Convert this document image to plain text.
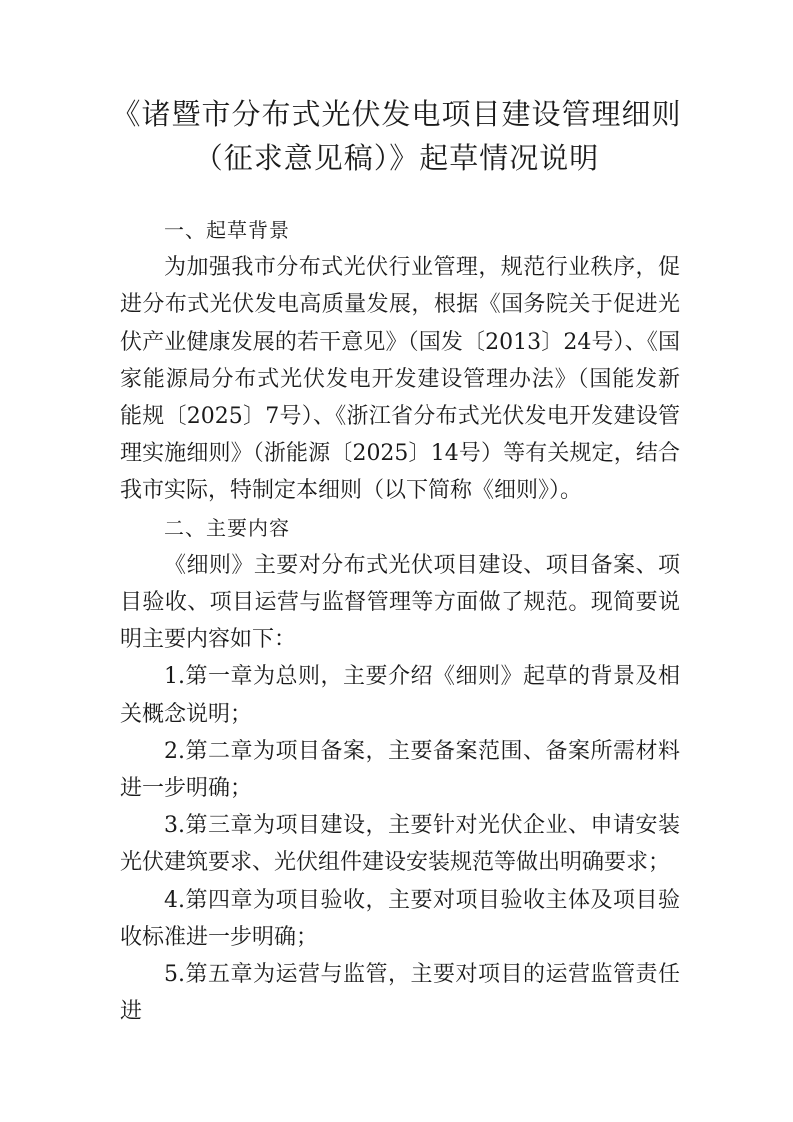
《诸暨市分布式光伏发电项目建设管理细则（征求意见稿）》起草情况说明

一、起草背景

为加强我市分布式光伏行业管理，规范行业秩序，促进分布式光伏发电高质量发展，根据《国务院关于促进光伏产业健康发展的若干意见》（国发〔2013〕24号）、《国家能源局分布式光伏发电开发建设管理办法》（国能发新能规〔2025〕7号）、《浙江省分布式光伏发电开发建设管理实施细则》（浙能源〔2025〕14号）等有关规定，结合我市实际，特制定本细则（以下简称《细则》）。

二、主要内容

《细则》主要对分布式光伏项目建设、项目备案、项目验收、项目运营与监督管理等方面做了规范。现简要说明主要内容如下：

1.第一章为总则，主要介绍《细则》起草的背景及相关概念说明；

2.第二章为项目备案，主要备案范围、备案所需材料进一步明确；

3.第三章为项目建设，主要针对光伏企业、申请安装光伏建筑要求、光伏组件建设安装规范等做出明确要求；

4.第四章为项目验收，主要对项目验收主体及项目验收标准进一步明确；

5.第五章为运营与监管，主要对项目的运营监管责任进
